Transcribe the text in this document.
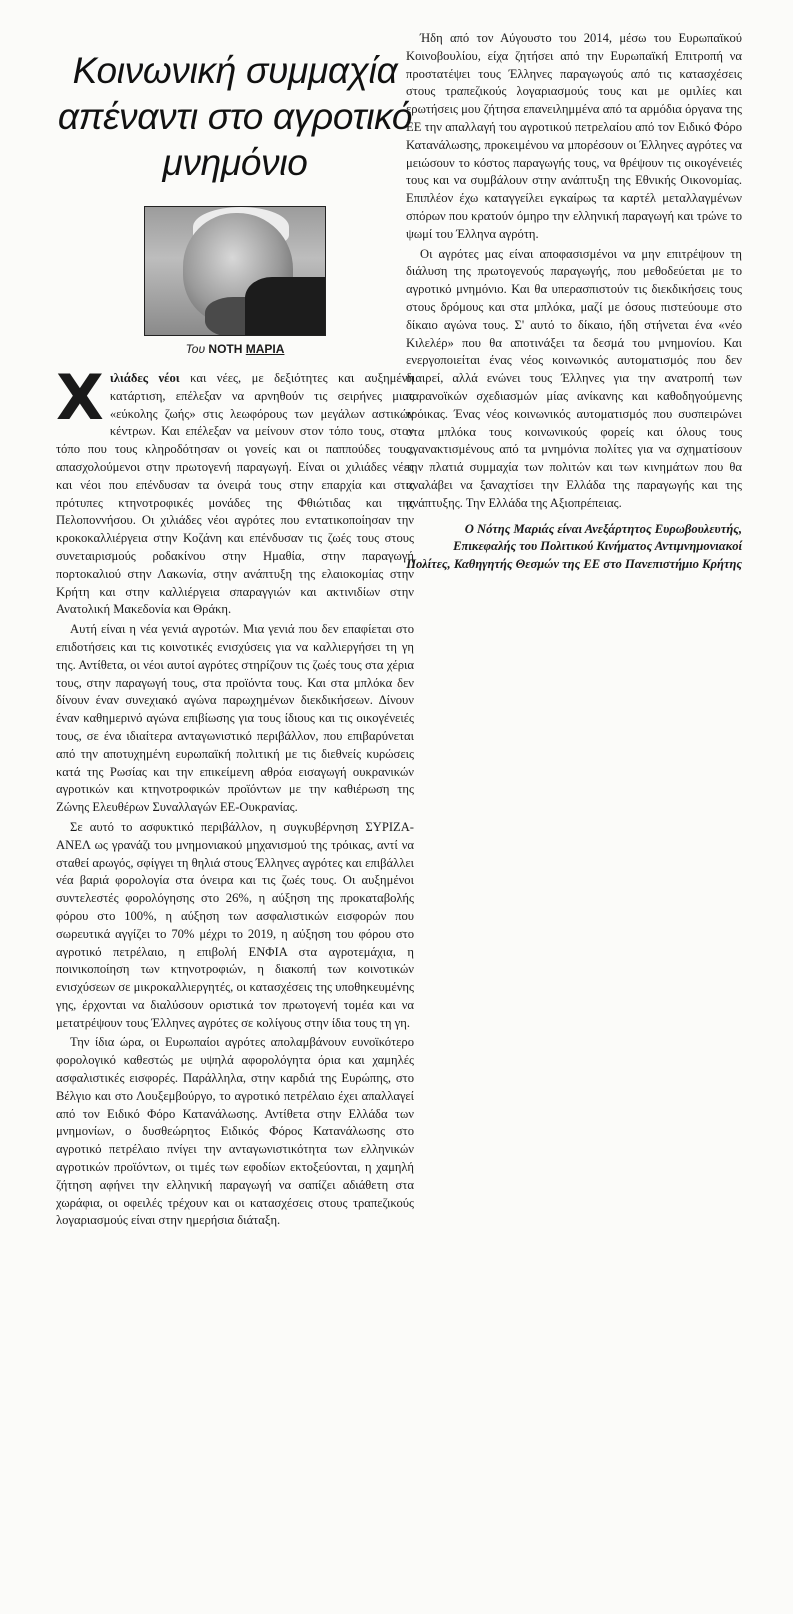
Κοινωνική συμμαχία απέναντι στο αγροτικό μνημόνιο
Του ΝΟΤΗ ΜΑΡΙΑ

Χιλιάδες νέοι και νέες, με δεξιότητες και αυξημένη κατάρτιση, επέλεξαν να αρνηθούν τις σειρήνες μιας «εύκολης ζωής» στις λεωφόρους των μεγάλων αστικών κέντρων. Και επέλεξαν να μείνουν στον τόπο τους, στον τόπο που τους κληροδότησαν οι γονείς και οι παππούδες τους, απασχολούμενοι στην πρωτογενή παραγωγή. Είναι οι χιλιάδες νέες και νέοι που επένδυσαν τα όνειρά τους στην επαρχία και στις πρότυπες κτηνοτροφικές μονάδες της Φθιώτιδας και της Πελοποννήσου. Οι χιλιάδες νέοι αγρότες που εντατικοποίησαν την κροκοκαλλιέργεια στην Κοζάνη και επένδυσαν τις ζωές τους στους συνεταιρισμούς ροδακίνου στην Ημαθία, στην παραγωγή πορτοκαλιού στην Λακωνία, στην ανάπτυξη της ελαιοκομίας στην Κρήτη και στην καλλιέργεια σπαραγγιών και ακτινιδίων στην Ανατολική Μακεδονία και Θράκη.

Αυτή είναι η νέα γενιά αγροτών. Μια γενιά που δεν επαφίεται στο επιδοτήσεις και τις κοινοτικές ενισχύσεις για να καλλιεργήσει τη γη της. Αντίθετα, οι νέοι αυτοί αγρότες στηρίζουν τις ζωές τους στα χέρια τους, στην παραγωγή τους, στα προϊόντα τους. Και στα μπλόκα δεν δίνουν έναν συνεχιακό αγώνα παρωχημένων διεκδικήσεων. Δίνουν έναν καθημερινό αγώνα επιβίωσης για τους ίδιους και τις οικογένειές τους, σε ένα ιδιαίτερα ανταγωνιστικό περιβάλλον, που επιβαρύνεται από την αποτυχημένη ευρωπαϊκή πολιτική με τις διεθνείς κυρώσεις κατά της Ρωσίας και την επικείμενη αθρόα εισαγωγή ουκρανικών αγροτικών και κτηνοτροφικών προϊόντων με την καθιέρωση της Ζώνης Ελευθέρων Συναλλαγών ΕΕ-Ουκρανίας.

Σε αυτό το ασφυκτικό περιβάλλον, η συγκυβέρνηση ΣΥΡΙΖΑ-ΑΝΕΛ ως γρανάζι του μνημονιακού μηχανισμού της τρόικας, αντί να σταθεί αρωγός, σφίγγει τη θηλιά στους Έλληνες αγρότες και επιβάλλει νέα βαριά φορολογία στα όνειρα και τις ζωές τους. Οι αυξημένοι συντελεστές φορολόγησης στο 26%, η αύξηση της προκαταβολής φόρου στο 100%, η αύξηση των ασφαλιστικών εισφορών που σωρευτικά αγγίζει το 70% μέχρι το 2019, η αύξηση του φόρου στο αγροτικό πετρέλαιο, η επιβολή ΕΝΦΙΑ στα αγροτεμάχια, η ποινικοποίηση των κτηνοτροφιών, η διακοπή των κοινοτικών ενισχύσεων σε μικροκαλλιεργητές, οι κατασχέσεις της υποθηκευμένης γης, έρχονται να διαλύσουν οριστικά τον πρωτογενή τομέα και να μετατρέψουν τους Έλληνες αγρότες σε κολίγους στην ίδια τους τη γη.

Την ίδια ώρα, οι Ευρωπαίοι αγρότες απολαμβάνουν ευνοϊκότερο φορολογικό καθεστώς με υψηλά αφορολόγητα όρια και χαμηλές ασφαλιστικές εισφορές. Παράλληλα, στην καρδιά της Ευρώπης, στο Βέλγιο και στο Λουξεμβούργο, το αγροτικό πετρέλαιο έχει απαλλαγεί από τον Ειδικό Φόρο Κατανάλωσης. Αντίθετα στην Ελλάδα των μνημονίων, ο δυσθεώρητος Ειδικός Φόρος Κατανάλωσης στο αγροτικό πετρέλαιο πνίγει την ανταγωνιστικότητα των ελληνικών αγροτικών προϊόντων, οι τιμές των εφοδίων εκτοξεύονται, η χαμηλή ζήτηση αφήνει την ελληνική παραγωγή να σαπίζει αδιάθετη στα χωράφια, οι οφειλές τρέχουν και οι κατασχέσεις στους τραπεζικούς λογαριασμούς είναι στην ημερήσια διάταξη.

Ήδη από τον Αύγουστο του 2014, μέσω του Ευρωπαϊκού Κοινοβουλίου, είχα ζητήσει από την Ευρωπαϊκή Επιτροπή να προστατέψει τους Έλληνες παραγωγούς από τις κατασχέσεις στους τραπεζικούς λογαριασμούς τους και με ομιλίες και ερωτήσεις μου ζήτησα επανειλημμένα από τα αρμόδια όργανα της ΕΕ την απαλλαγή του αγροτικού πετρελαίου από τον Ειδικό Φόρο Κατανάλωσης, προκειμένου να μπορέσουν οι Έλληνες αγρότες να μειώσουν το κόστος παραγωγής τους, να θρέψουν τις οικογένειές τους και να συμβάλουν στην ανάπτυξη της Εθνικής Οικονομίας. Επιπλέον έχω καταγγείλει εγκαίρως τα καρτέλ μεταλλαγμένων σπόρων που κρατούν όμηρο την ελληνική παραγωγή και τρώνε το ψωμί του Έλληνα αγρότη.

Οι αγρότες μας είναι αποφασισμένοι να μην επιτρέψουν τη διάλυση της πρωτογενούς παραγωγής, που μεθοδεύεται με το αγροτικό μνημόνιο. Και θα υπερασπιστούν τις διεκδικήσεις τους στους δρόμους και στα μπλόκα, μαζί με όσους πιστεύουμε στο δίκαιο αγώνα τους. Σ' αυτό το δίκαιο, ήδη στήνεται ένα «νέο Κιλελέρ» που θα αποτινάξει τα δεσμά του μνημονίου. Και ενεργοποιείται ένας νέος κοινωνικός αυτοματισμός που δεν διαιρεί, αλλά ενώνει τους Έλληνες για την ανατροπή των παρανοϊκών σχεδιασμών μίας ανίκανης και καθοδηγούμενης τρόικας. Ένας νέος κοινωνικός αυτοματισμός που συσπειρώνει στα μπλόκα τους κοινωνικούς φορείς και όλους τους αγανακτισμένους από τα μνημόνια πολίτες για να σχηματίσουν την πλατιά συμμαχία των πολιτών και των κινημάτων που θα αναλάβει να ξαναχτίσει την Ελλάδα της παραγωγής και της ανάπτυξης. Την Ελλάδα της Αξιοπρέπειας.

Ο Νότης Μαριάς είναι Ανεξάρτητος Ευρωβουλευτής, Επικεφαλής του Πολιτικού Κινήματος Αντιμνημονιακοί Πολίτες, Καθηγητής Θεσμών της ΕΕ στο Πανεπιστήμιο Κρήτης
